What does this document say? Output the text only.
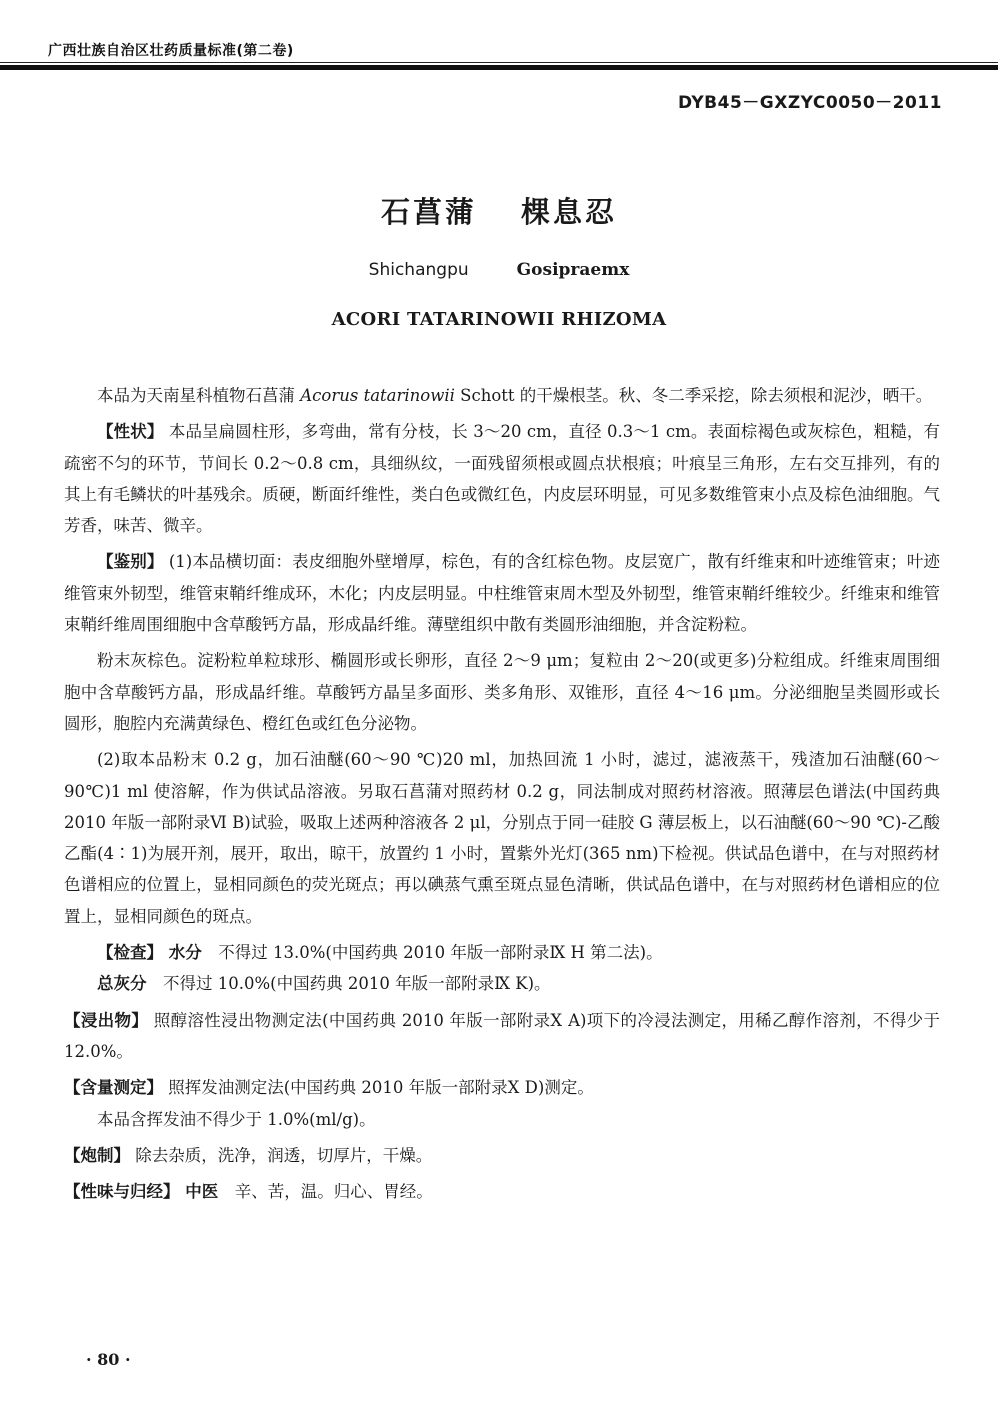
广西壮族自治区壮药质量标准(第二卷)
DYB45－GXZYC0050－2011
石菖蒲 棵息忍
Shichangpu	Gosipraemx
ACORI TATARINOWII RHIZOMA

本品为天南星科植物石菖蒲 Acorus tatarinowii Schott 的干燥根茎。秋、冬二季采挖，除去须根和泥沙，晒干。

【性状】 本品呈扁圆柱形，多弯曲，常有分枝，长 3～20 cm，直径 0.3～1 cm。表面棕褐色或灰棕色，粗糙，有疏密不匀的环节，节间长 0.2～0.8 cm，具细纵纹，一面残留须根或圆点状根痕；叶痕呈三角形，左右交互排列，有的其上有毛鳞状的叶基残余。质硬，断面纤维性，类白色或微红色，内皮层环明显，可见多数维管束小点及棕色油细胞。气芳香，味苦、微辛。

【鉴别】 (1)本品横切面：表皮细胞外壁增厚，棕色，有的含红棕色物。皮层宽广，散有纤维束和叶迹维管束；叶迹维管束外韧型，维管束鞘纤维成环，木化；内皮层明显。中柱维管束周木型及外韧型，维管束鞘纤维较少。纤维束和维管束鞘纤维周围细胞中含草酸钙方晶，形成晶纤维。薄壁组织中散有类圆形油细胞，并含淀粉粒。

粉末灰棕色。淀粉粒单粒球形、椭圆形或长卵形，直径 2～9 μm；复粒由 2～20(或更多)分粒组成。纤维束周围细胞中含草酸钙方晶，形成晶纤维。草酸钙方晶呈多面形、类多角形、双锥形，直径 4～16 μm。分泌细胞呈类圆形或长圆形，胞腔内充满黄绿色、橙红色或红色分泌物。

(2)取本品粉末 0.2 g，加石油醚(60～90 ℃)20 ml，加热回流 1 小时，滤过，滤液蒸干，残渣加石油醚(60～90℃)1 ml 使溶解，作为供试品溶液。另取石菖蒲对照药材 0.2 g，同法制成对照药材溶液。照薄层色谱法(中国药典 2010 年版一部附录Ⅵ B)试验，吸取上述两种溶液各 2 μl，分别点于同一硅胶 G 薄层板上，以石油醚(60～90 ℃)-乙酸乙酯(4∶1)为展开剂，展开，取出，晾干，放置约 1 小时，置紫外光灯(365 nm)下检视。供试品色谱中，在与对照药材色谱相应的位置上，显相同颜色的荧光斑点；再以碘蒸气熏至斑点显色清晰，供试品色谱中，在与对照药材色谱相应的位置上，显相同颜色的斑点。

【检查】 水分　不得过 13.0%(中国药典 2010 年版一部附录Ⅸ H 第二法)。

总灰分　不得过 10.0%(中国药典 2010 年版一部附录Ⅸ K)。

【浸出物】 照醇溶性浸出物测定法(中国药典 2010 年版一部附录Ⅹ A)项下的冷浸法测定，用稀乙醇作溶剂，不得少于 12.0%。

【含量测定】 照挥发油测定法(中国药典 2010 年版一部附录Ⅹ D)测定。

本品含挥发油不得少于 1.0%(ml/g)。

【炮制】 除去杂质，洗净，润透，切厚片，干燥。

【性味与归经】 中医　辛、苦，温。归心、胃经。

· 80 ·
